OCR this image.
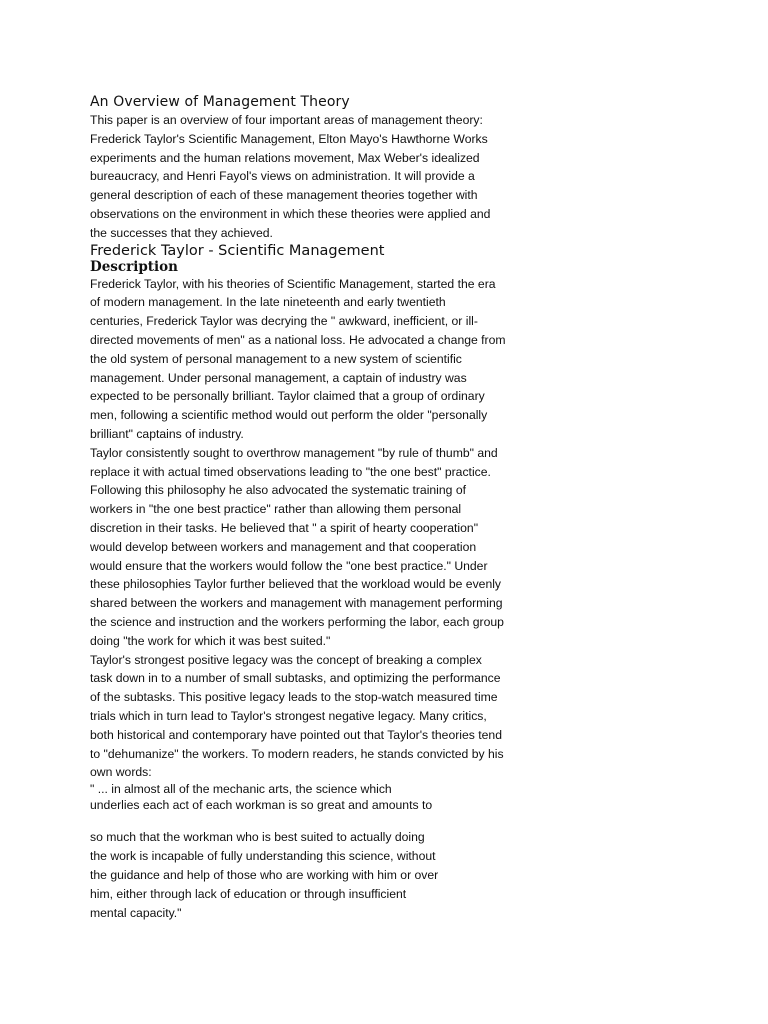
An Overview of Management Theory

This paper is an overview of four important areas of management theory:
Frederick Taylor's Scientific Management, Elton Mayo's Hawthorne Works
experiments and the human relations movement, Max Weber's idealized
bureaucracy, and Henri Fayol's views on administration. It will provide a
general description of each of these management theories together with
observations on the environment in which these theories were applied and
the successes that they achieved.

Frederick Taylor - Scientific Management
Description

Frederick Taylor, with his theories of Scientific Management, started the era
of modern management. In the late nineteenth and early twentieth
centuries, Frederick Taylor was decrying the " awkward, inefficient, or ill-
directed movements of men" as a national loss. He advocated a change from
the old system of personal management to a new system of scientific
management. Under personal management, a captain of industry was
expected to be personally brilliant. Taylor claimed that a group of ordinary
men, following a scientific method would out perform the older "personally
brilliant" captains of industry.

Taylor consistently sought to overthrow management "by rule of thumb" and
replace it with actual timed observations leading to "the one best" practice.
Following this philosophy he also advocated the systematic training of
workers in "the one best practice" rather than allowing them personal
discretion in their tasks. He believed that " a spirit of hearty cooperation"
would develop between workers and management and that cooperation
would ensure that the workers would follow the "one best practice." Under
these philosophies Taylor further believed that the workload would be evenly
shared between the workers and management with management performing
the science and instruction and the workers performing the labor, each group
doing "the work for which it was best suited."

Taylor's strongest positive legacy was the concept of breaking a complex
task down in to a number of small subtasks, and optimizing the performance
of the subtasks. This positive legacy leads to the stop-watch measured time
trials which in turn lead to Taylor's strongest negative legacy. Many critics,
both historical and contemporary have pointed out that Taylor's theories tend
to "dehumanize" the workers. To modern readers, he stands convicted by his
own words:

" ... in almost all of the mechanic arts, the science which
underlies each act of each workman is so great and amounts to

so much that the workman who is best suited to actually doing
the work is incapable of fully understanding this science, without
the guidance and help of those who are working with him or over
him, either through lack of education or through insufficient
mental capacity."
